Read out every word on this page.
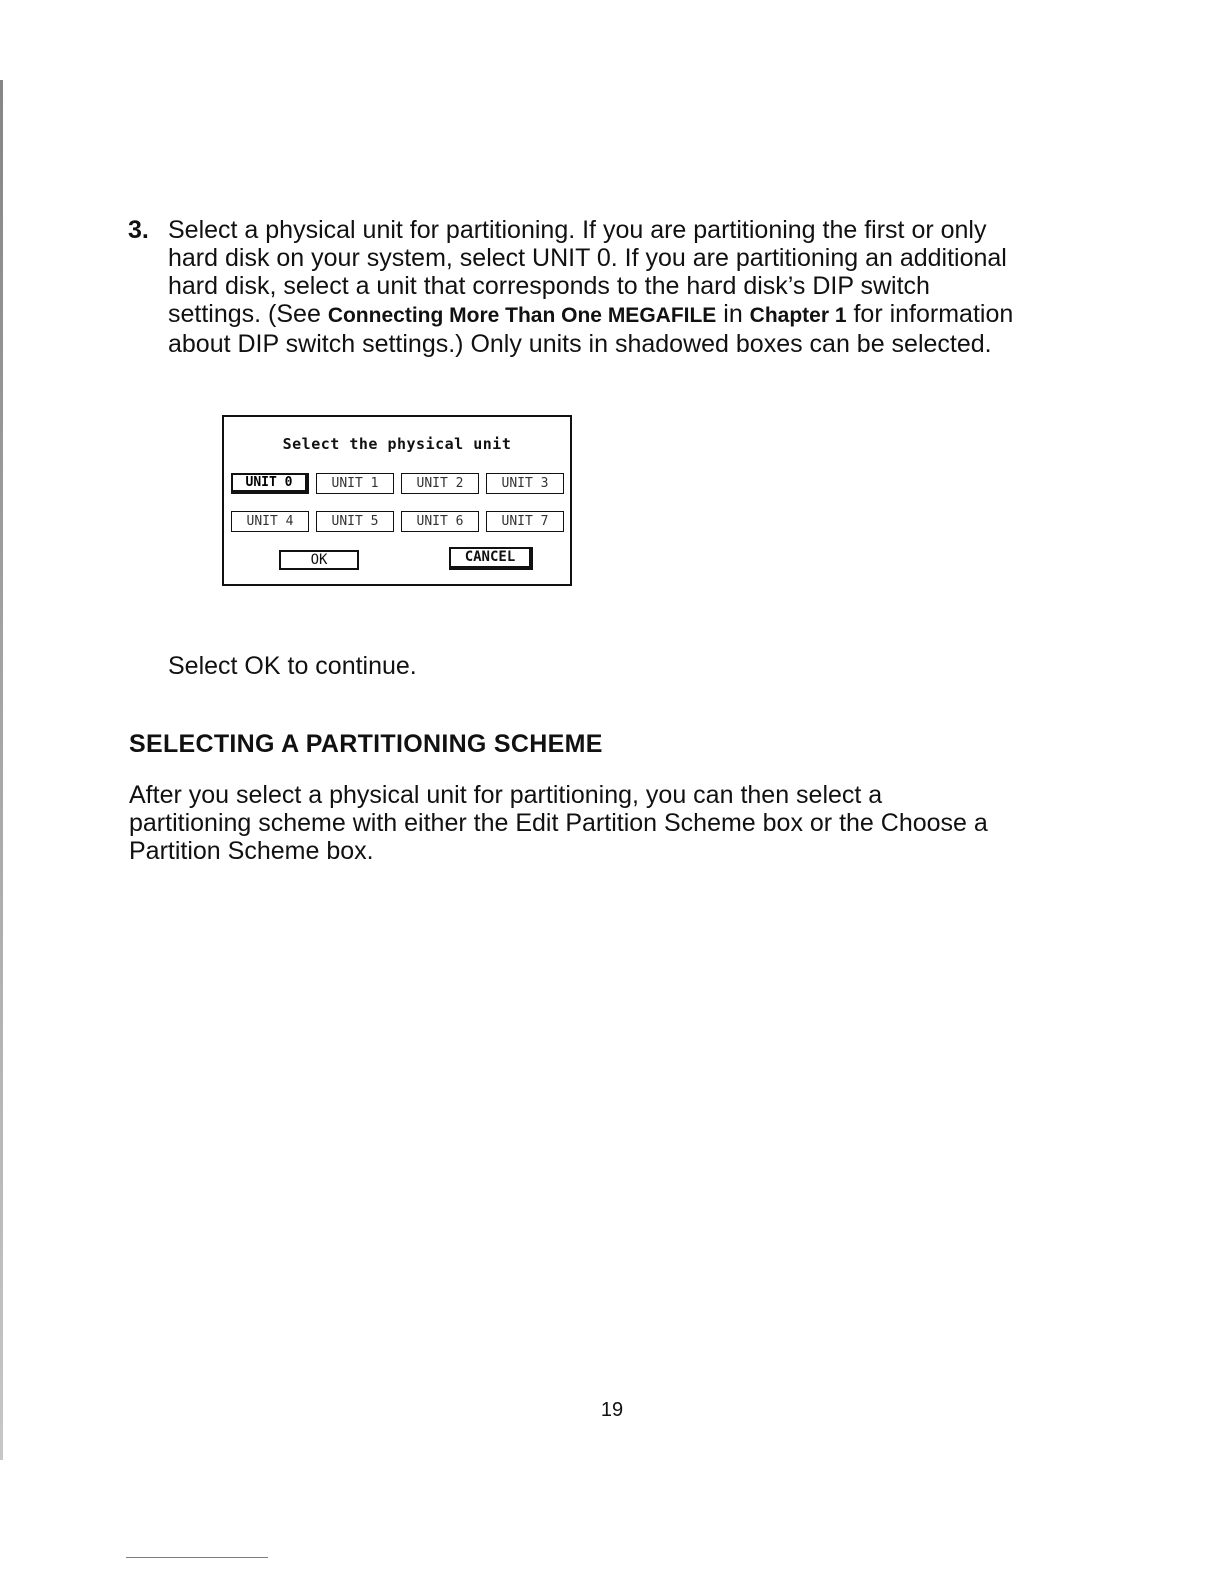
3. Select a physical unit for partitioning. If you are partitioning the first or only hard disk on your system, select UNIT 0. If you are partitioning an additional hard disk, select a unit that corresponds to the hard disk’s DIP switch settings. (See Connecting More Than One MEGAFILE in Chapter 1 for information about DIP switch settings.) Only units in shadowed boxes can be selected.
Select the physical unit
UNIT 0	UNIT 1	UNIT 2	UNIT 3
UNIT 4	UNIT 5	UNIT 6	UNIT 7
OK	CANCEL
Select OK to continue.
SELECTING A PARTITIONING SCHEME
After you select a physical unit for partitioning, you can then select a partitioning scheme with either the Edit Partition Scheme box or the Choose a Partition Scheme box.
19
